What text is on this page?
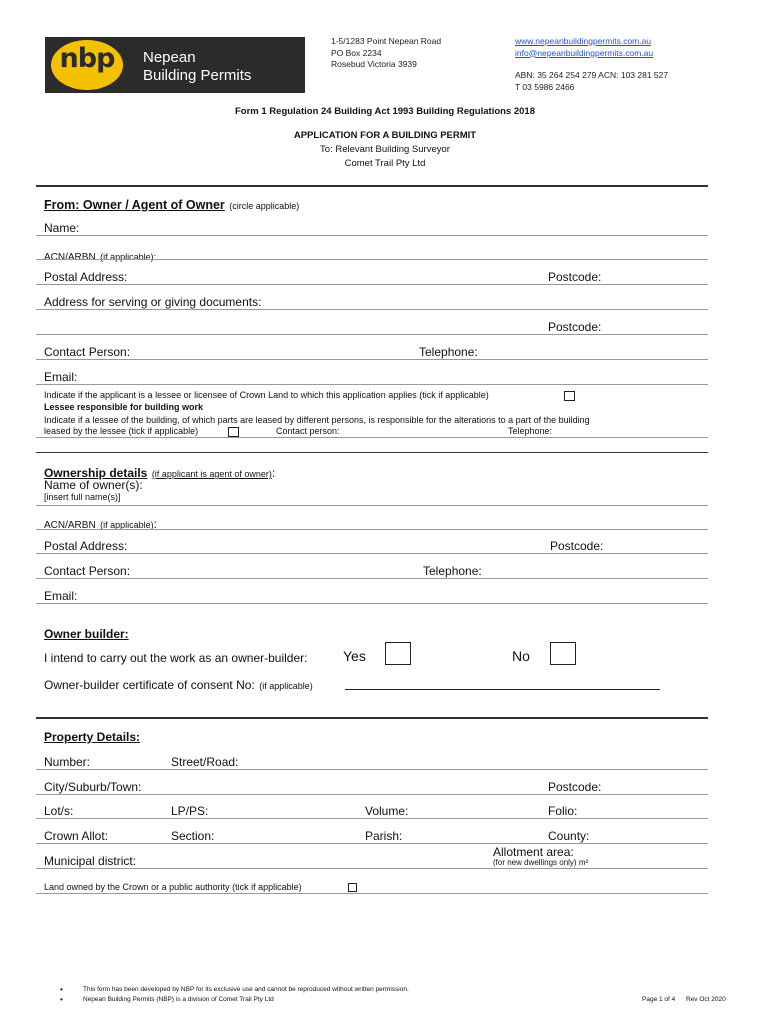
nbp	Nepean
Building Permits
1-5/1283 Point Nepean Road
PO Box 2234
Rosebud Victoria 3939
www.nepeanbuildingpermits.com.au
info@nepeanbuildingpermits.com.au
ABN: 35 264 254 279 ACN: 103 281 527
T 03 5986 2466
Form 1 Regulation 24 Building Act 1993 Building Regulations 2018
APPLICATION FOR A BUILDING PERMIT
To: Relevant Building Surveyor
Comet Trail Pty Ltd
From: Owner / Agent of Owner (circle applicable)
Name:
ACN/ARBN (if applicable):
Postal Address:	Postcode:
Address for serving or giving documents:
Postcode:
Contact Person:	Telephone:
Email:
Indicate if the applicant is a lessee or licensee of Crown Land to which this application applies (tick if applicable)
Lessee responsible for building work
Indicate if a lessee of the building, of which parts are leased by different persons, is responsible for the alterations to a part of the building
leased by the lessee (tick if applicable)	Contact person:	Telephone:
Ownership details (if applicant is agent of owner):
Name of owner(s):
[insert full name(s)]
ACN/ARBN (if applicable):
Postal Address:	Postcode:
Contact Person:	Telephone:
Email:
Owner builder:
I intend to carry out the work as an owner-builder:	Yes	No
Owner-builder certificate of consent No: (if applicable)
Property Details:
Number:	Street/Road:
City/Suburb/Town:	Postcode:
Lot/s:	LP/PS:	Volume:	Folio:
Crown Allot:	Section:	Parish:	County:
Allotment area:
(for new dwellings only) m²
Municipal district:
Land owned by the Crown or a public authority (tick if applicable)
•	This form has been developed by NBP for its exclusive use and cannot be reproduced without written permission.
•	Nepean Building Permits (NBP) is a division of Comet Trail Pty Ltd	Page 1 of 4 Rev Oct 2020
